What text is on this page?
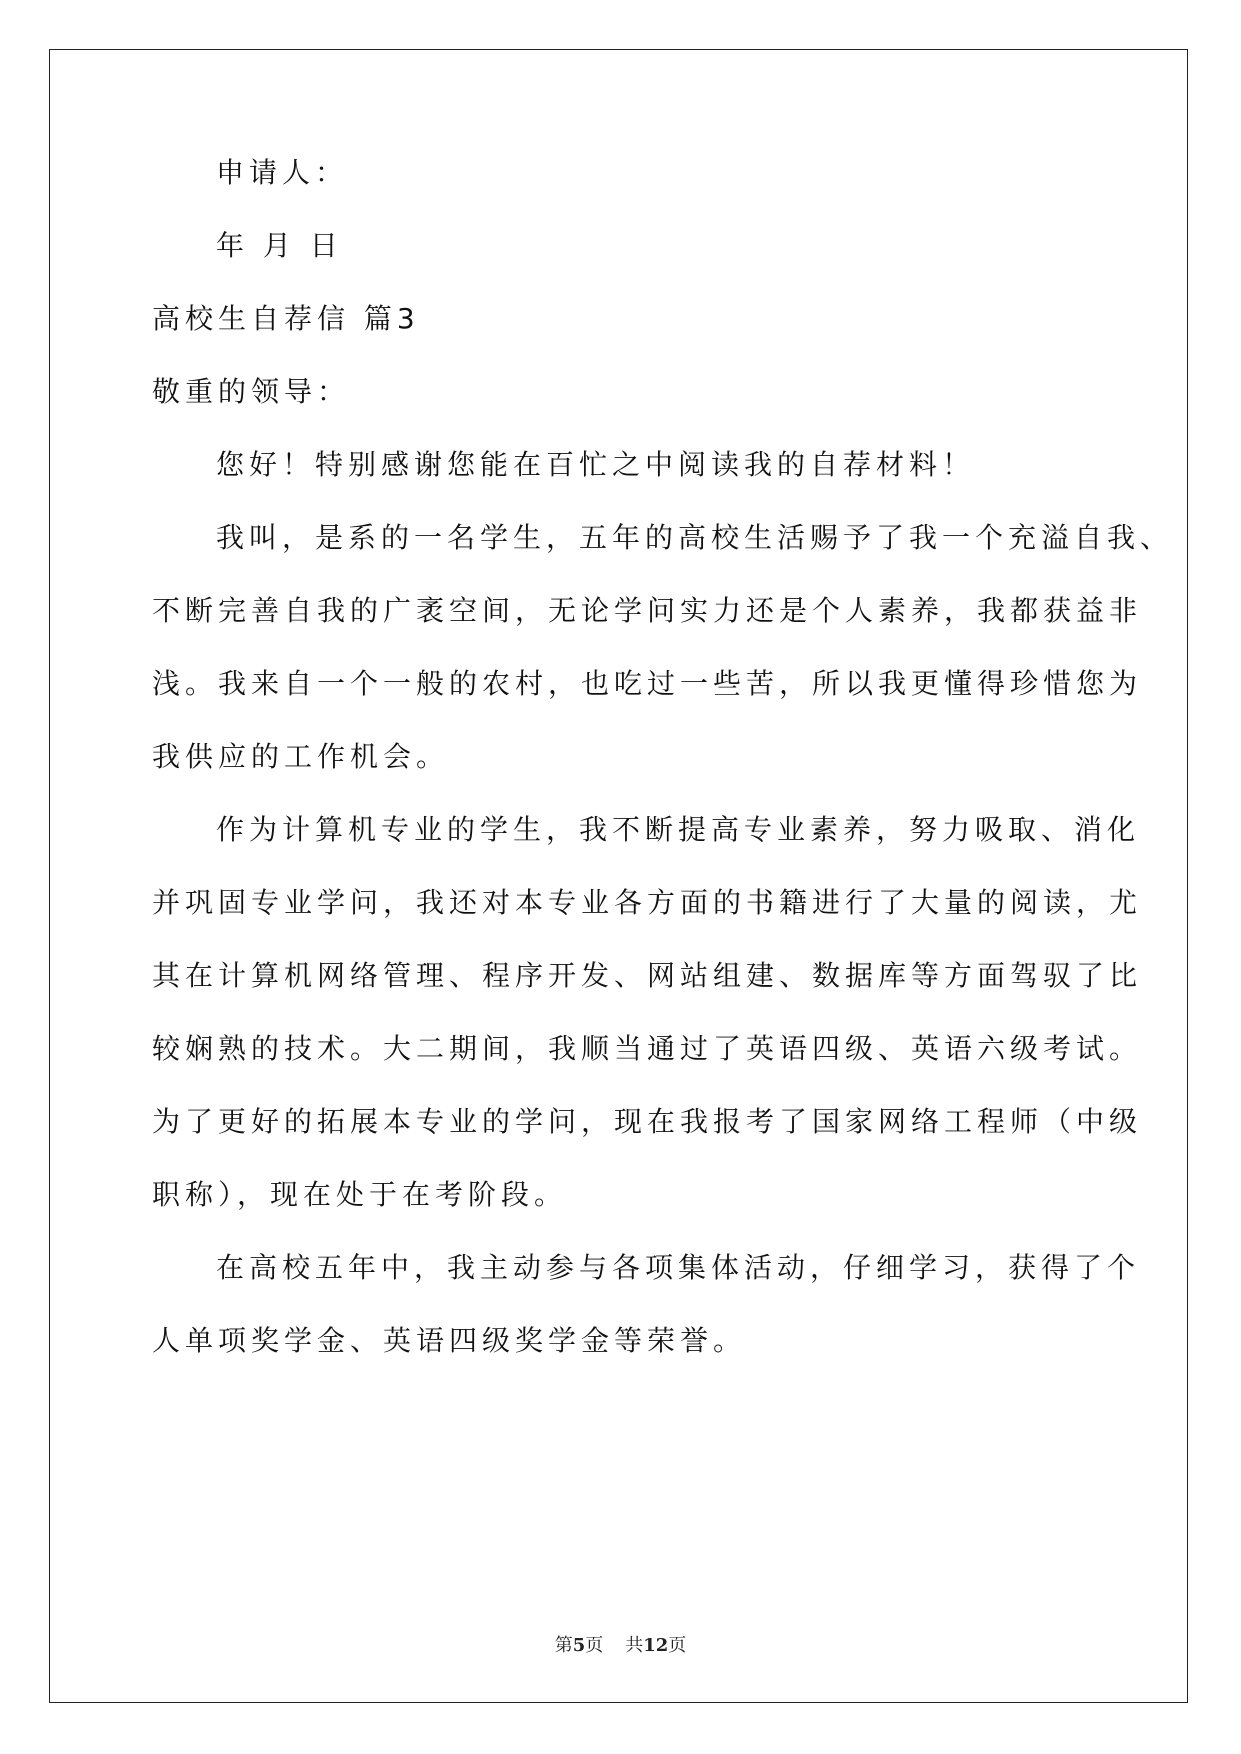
申请人：
年 月 日
高校生自荐信 篇3
敬重的领导：
您好！特别感谢您能在百忙之中阅读我的自荐材料！
我叫，是系的一名学生，五年的高校生活赐予了我一个充溢自我、
不断完善自我的广袤空间，无论学问实力还是个人素养，我都获益非
浅。我来自一个一般的农村，也吃过一些苦，所以我更懂得珍惜您为
我供应的工作机会。
作为计算机专业的学生，我不断提高专业素养，努力吸取、消化
并巩固专业学问，我还对本专业各方面的书籍进行了大量的阅读，尤
其在计算机网络管理、程序开发、网站组建、数据库等方面驾驭了比
较娴熟的技术。大二期间，我顺当通过了英语四级、英语六级考试。
为了更好的拓展本专业的学问，现在我报考了国家网络工程师（中级
职称），现在处于在考阶段。
在高校五年中，我主动参与各项集体活动，仔细学习，获得了个
人单项奖学金、英语四级奖学金等荣誉。
第5页 共12页
